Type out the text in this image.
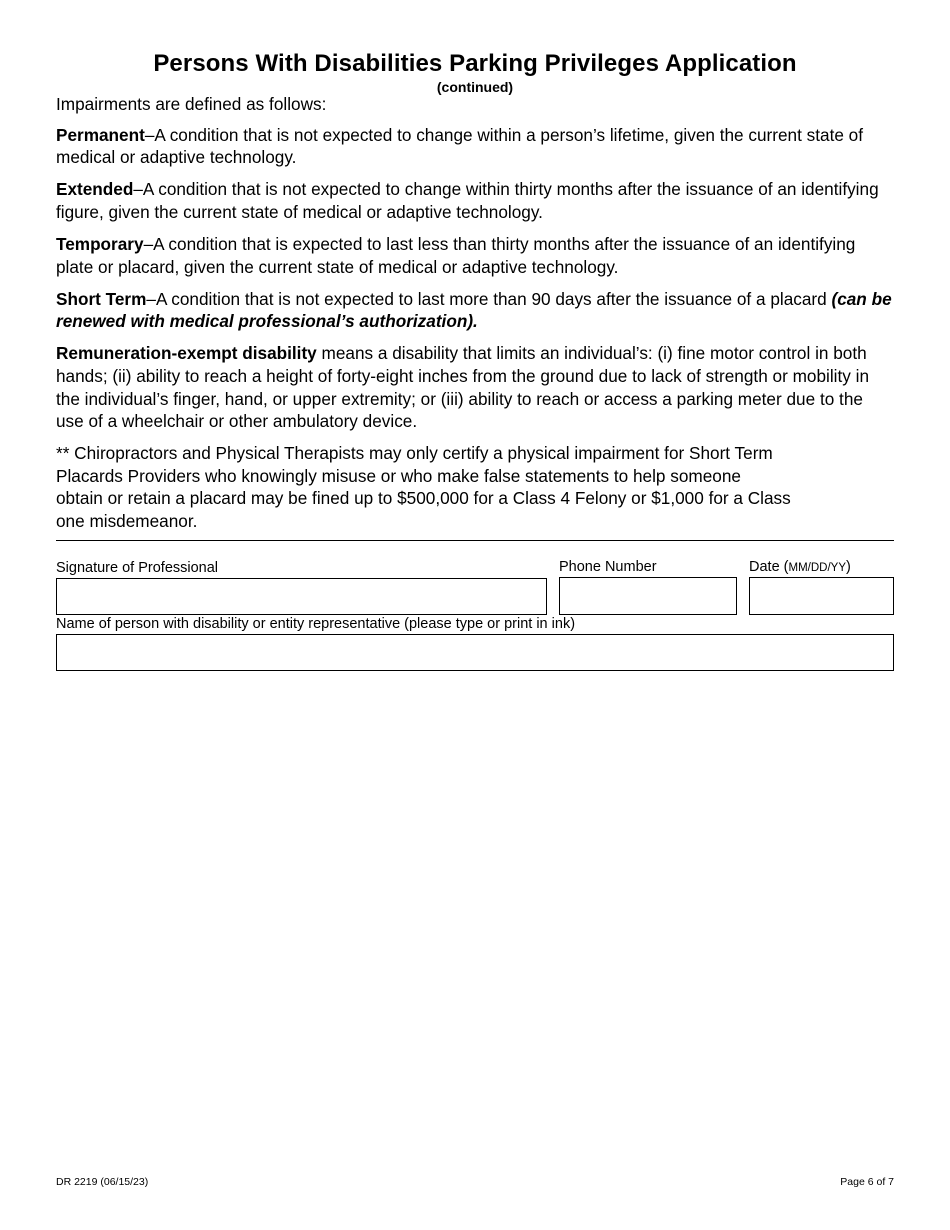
Persons With Disabilities Parking Privileges Application
(continued)

Impairments are defined as follows:

Permanent–A condition that is not expected to change within a person’s lifetime, given the current state of medical or adaptive technology.

Extended–A condition that is not expected to change within thirty months after the issuance of an identifying figure, given the current state of medical or adaptive technology.

Temporary–A condition that is expected to last less than thirty months after the issuance of an identifying plate or placard, given the current state of medical or adaptive technology.

Short Term–A condition that is not expected to last more than 90 days after the issuance of a placard (can be renewed with medical professional’s authorization).

Remuneration-exempt disability means a disability that limits an individual’s: (i) fine motor control in both hands; (ii) ability to reach a height of forty-eight inches from the ground due to lack of strength or mobility in the individual’s finger, hand, or upper extremity; or (iii) ability to reach or access a parking meter due to the use of a wheelchair or other ambulatory device.

** Chiropractors and Physical Therapists may only certify a physical impairment for Short Term
Placards Providers who knowingly misuse or who make false statements to help someone
obtain or retain a placard may be fined up to $500,000 for a Class 4 Felony or $1,000 for a Class
one misdemeanor.

Signature of Professional	Phone Number	Date (MM/DD/YY)
Name of person with disability or entity representative (please type or print in ink)
DR 2219 (06/15/23)	Page 6 of 7
